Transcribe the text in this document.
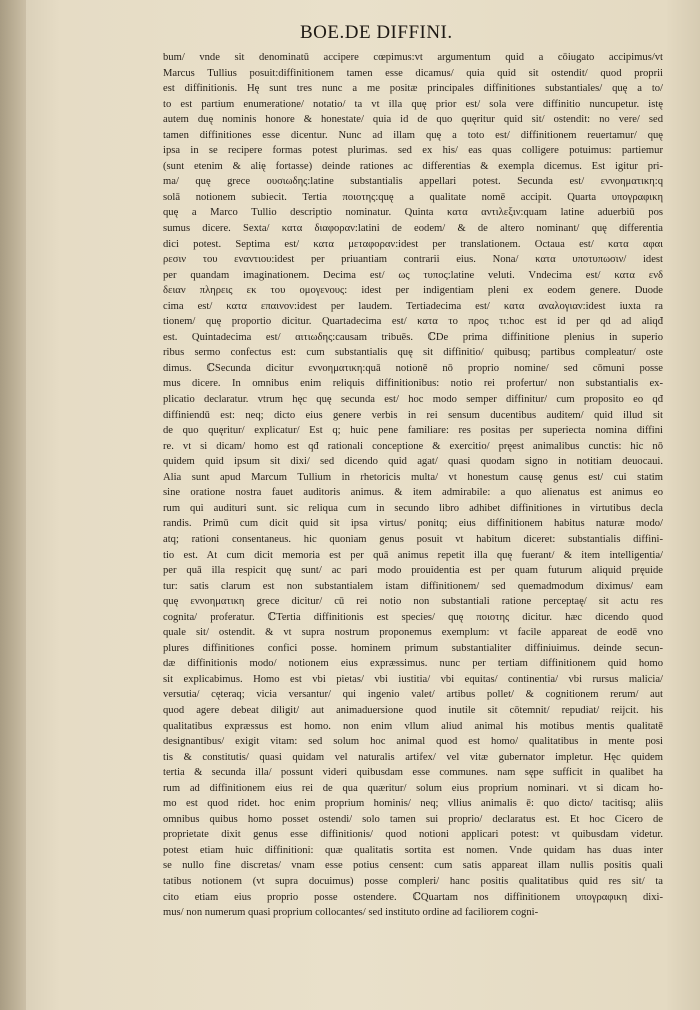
BOE.DE DIFFINI.
bum/ vnde sit denominatū accipere cœpimus:vt argumentum quid a cōiugato accipimus/vt
Marcus Tullius posuit:diffinitionem tamen esse dicamus/ quia quid sit ostendit/ quod proprii
est diffinitionis. Hę sunt tres nunc a me positæ principales diffinitiones substantiales/ quę a to/
to est partium enumeratione/ notatio/ ta vt illa quę prior est/ sola vere diffinitio nuncupetur. istę
autem duę nominis honore & honestate/ quia id de quo quęritur quid sit/ ostendit: no vere/ sed
tamen diffinitiones esse dicentur. Nunc ad illam quę a toto est/ diffinitionem reuertamur/ quę
ipsa in se recipere formas potest plurimas. sed ex his/ eas quas colligere potuimus: partiemur
(sunt etenim & alię fortasse) deinde rationes ac differentias & exempla dicemus. Est igitur pri-
ma/ quę grece ουσιωδης:latine substantialis appellari potest. Secunda est/ εννοηματικη:q
solā notionem subiecit. Tertia ποιοτης:quę a qualitate nomē accipit. Quarta υπογραφικη
quę a Marco Tullio descriptio nominatur. Quinta κατα αντιλεξιν:quam latine aduerbiū pos
sumus dicere. Sexta/ κατα διαφοραν:latini de eodem/ & de altero nominant/ quę differentia
dici potest. Septima est/ κατα μεταφοραν:idest per translationem. Octaua est/ κατα αφαι
ρεσιν του εναντιου:idest per priuantiam contrarii eius. Nona/ κατα υποτυπωσιν/ idest
per quandam imaginationem. Decima est/ ως τυπος:latine veluti. Vndecima est/ κατα ενδ
δειαν πληρεις εκ του ομογενους: idest per indigentiam pleni ex eodem genere. Duode
cima est/ κατα επαινον:idest per laudem. Tertiadecima est/ κατα αναλογιαν:idest iuxta ra
tionem/ quę proportio dicitur. Quartadecima est/ κατα το προς τι:hoc est id per qd ad aliqđ
est. Quintadecima est/ αιτιωδης:causam tribuēs. ℂDe prima diffinitione plenius in superio
ribus sermo confectus est: cum substantialis quę sit diffinitio/ quibusq; partibus compleatur/ oste
dimus. ℂSecunda dicitur εννοηματικη:quā notionē nō proprio nomine/ sed cōmuni posse
mus dicere. In omnibus enim reliquis diffinitionibus: notio rei profertur/ non substantialis ex-
plicatio declaratur. vtrum hęc quę secunda est/ hoc modo semper diffinitur/ cum proposito eo qđ
diffiniendū est: neq; dicto eius genere verbis in rei sensum ducentibus auditem/ quid illud sit
de quo quęritur/ explicatur/ Est q; huic pene familiare: res positas per superiecta nomina diffini
re. vt si dicam/ homo est qđ rationali conceptione & exercitio/ pręest animalibus cunctis: hic nō
quidem quid ipsum sit dixi/ sed dicendo quid agat/ quasi quodam signo in notitiam deuocaui.
Alia sunt apud Marcum Tullium in rhetoricis multa/ vt honestum causę genus est/ cui statim
sine oratione nostra fauet auditoris animus. & item admirabile: a quo alienatus est animus eo
rum qui audituri sunt. sic reliqua cum in secundo libro adhibet diffinitiones in virtutibus decla
randis. Primū cum dicit quid sit ipsa virtus/ ponitq; eius diffinitionem habitus naturæ modo/
atq; rationi consentaneus. hic quoniam genus posuit vt habitum diceret: substantialis diffini-
tio est. At cum dicit memoria est per quā animus repetit illa quę fuerant/ & item intelligentia/
per quā illa respicit quę sunt/ ac pari modo prouidentia est per quam futurum aliquid pręuide
tur: satis clarum est non substantialem istam diffinitionem/ sed quemadmodum diximus/ eam
quę εννοηματικη grece dicitur/ cū rei notio non substantiali ratione perceptaę/ sit actu res
cognita/ proferatur. ℂTertia diffinitionis est species/ quę ποιοτης dicitur. hæc dicendo quod
quale sit/ ostendit. & vt supra nostrum proponemus exemplum: vt facile appareat de eodē vno
plures diffinitiones confici posse. hominem primum substantialiter diffiniuimus. deinde secun-
dæ diffinitionis modo/ notionem eius expræssimus. nunc per tertiam diffinitionem quid homo
sit explicabimus. Homo est vbi pietas/ vbi iustitia/ vbi equitas/ continentia/ vbi rursus malicia/
versutia/ cęteraq; vicia versantur/ qui ingenio valet/ artibus pollet/ & cognitionem rerum/ aut
quod agere debeat diligit/ aut animaduersione quod inutile sit cōtemnit/ repudiat/ reijcit. his
qualitatibus expræssus est homo. non enim vllum aliud animal his motibus mentis qualitatē
designantibus/ exigit vitam: sed solum hoc animal quod est homo/ qualitatibus in mente posi
tis & constitutis/ quasi quidam vel naturalis artifex/ vel vitæ gubernator impletur. Hęc quidem
tertia & secunda illa/ possunt videri quibusdam esse communes. nam sępe sufficit in qualibet ha
rum ad diffinitionem eius rei de qua quæritur/ solum eius proprium nominari. vt si dicam ho-
mo est quod ridet. hoc enim proprium hominis/ neq; vllius animalis ē: quo dicto/ tacitisq; aliis
omnibus quibus homo posset ostendi/ solo tamen sui proprio/ declaratus est. Et hoc Cicero de
proprietate dixit genus esse diffinitionis/ quod notioni applicari potest: vt quibusdam videtur.
potest etiam huic diffinitioni: quæ qualitatis sortita est nomen. Vnde quidam has duas inter
se nullo fine discretas/ vnam esse potius censent: cum satis appareat illam nullis positis quali
tatibus notionem (vt supra docuimus) posse compleri/ hanc positis qualitatibus quid res sit/ ta
cito etiam eius proprio posse ostendere. ℂQuartam nos diffinitionem υπογραφικη dixi-
mus/ non numerum quasi proprium collocantes/ sed instituto ordine ad faciliorem cogni-
